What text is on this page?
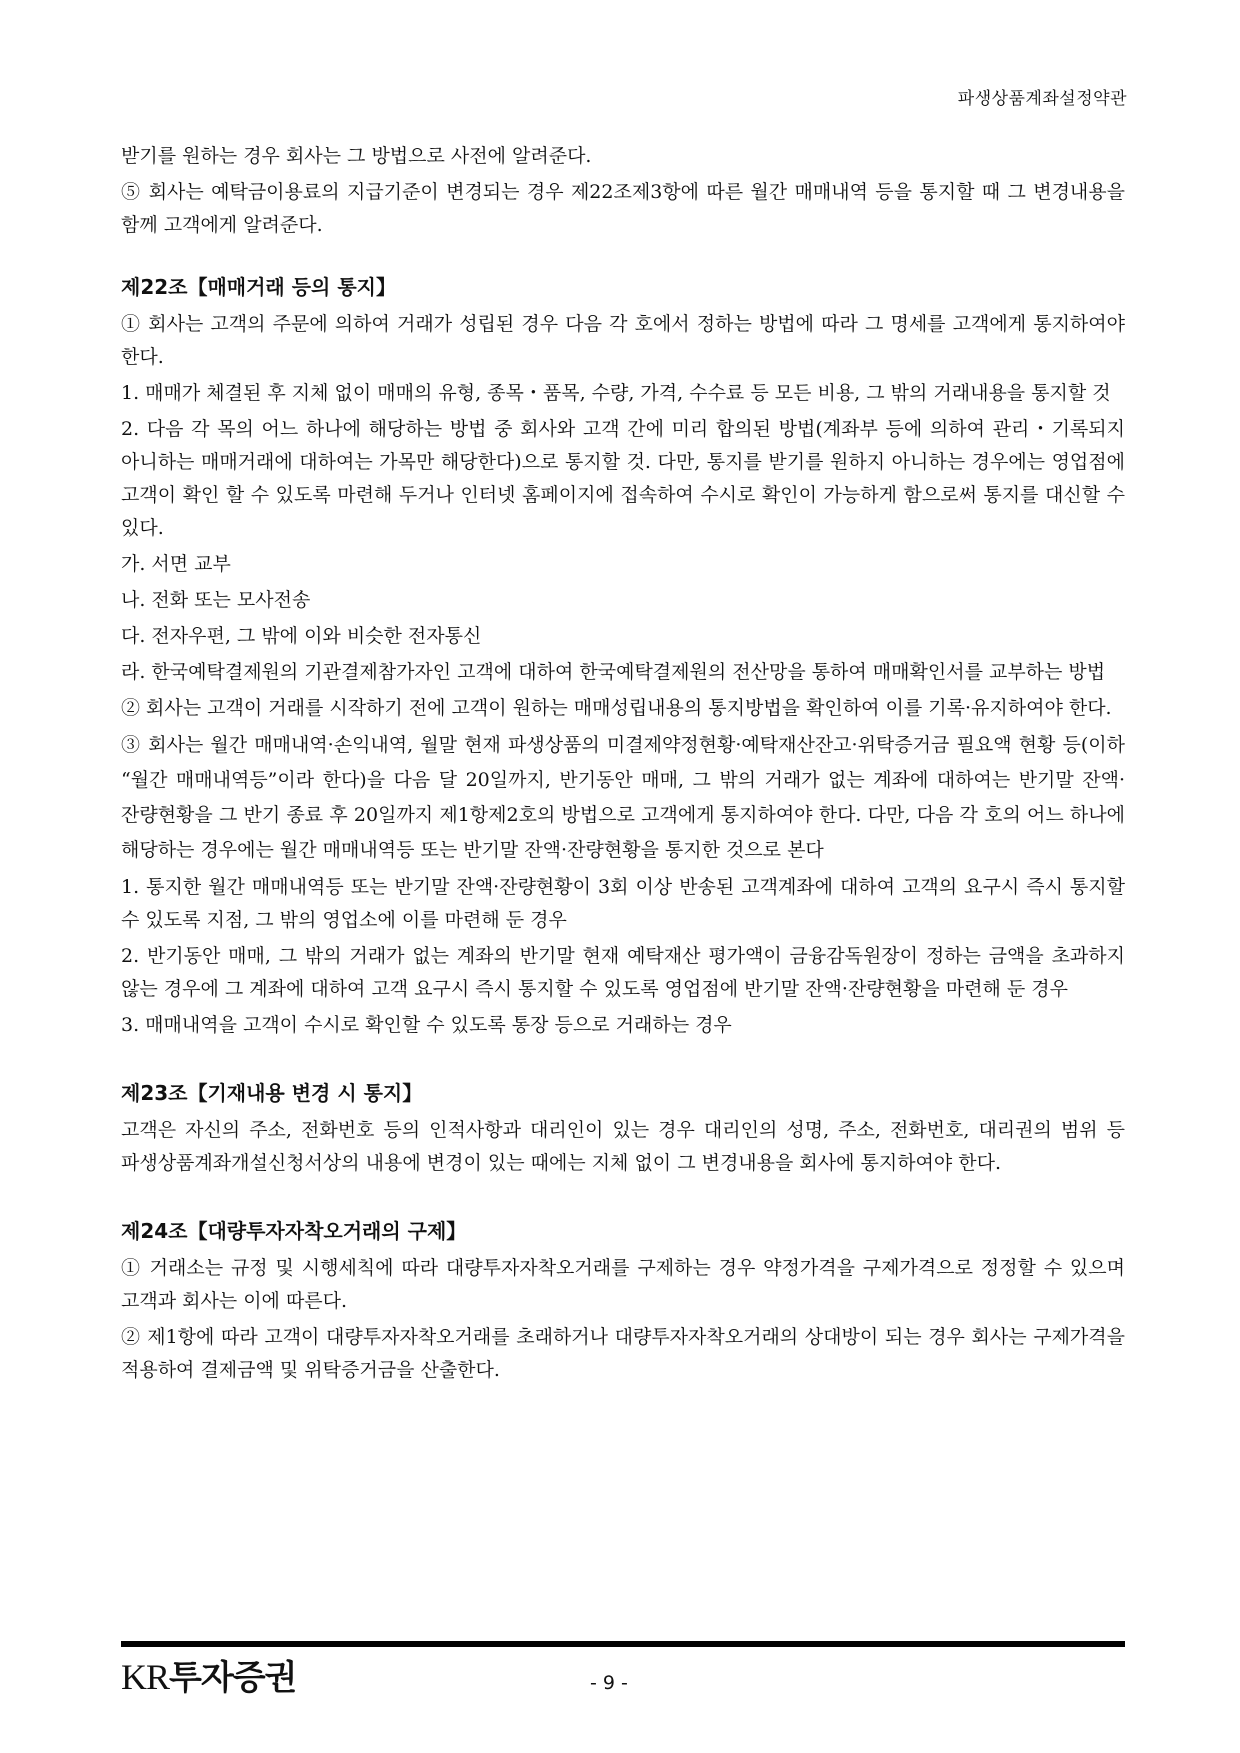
파생상품계좌설정약관

받기를 원하는 경우 회사는 그 방법으로 사전에 알려준다.

⑤ 회사는 예탁금이용료의 지급기준이 변경되는 경우 제22조제3항에 따른 월간 매매내역 등을 통지할 때 그 변경내용을 함께 고객에게 알려준다.

제22조【매매거래 등의 통지】

① 회사는 고객의 주문에 의하여 거래가 성립된 경우 다음 각 호에서 정하는 방법에 따라 그 명세를 고객에게 통지하여야 한다.

1. 매매가 체결된 후 지체 없이 매매의 유형, 종목・품목, 수량, 가격, 수수료 등 모든 비용, 그 밖의 거래내용을 통지할 것

2. 다음 각 목의 어느 하나에 해당하는 방법 중 회사와 고객 간에 미리 합의된 방법(계좌부 등에 의하여 관리・기록되지 아니하는 매매거래에 대하여는 가목만 해당한다)으로 통지할 것. 다만, 통지를 받기를 원하지 아니하는 경우에는 영업점에 고객이 확인 할 수 있도록 마련해 두거나 인터넷 홈페이지에 접속하여 수시로 확인이 가능하게 함으로써 통지를 대신할 수 있다.

가. 서면 교부

나. 전화 또는 모사전송

다. 전자우편, 그 밖에 이와 비슷한 전자통신

라. 한국예탁결제원의 기관결제참가자인 고객에 대하여 한국예탁결제원의 전산망을 통하여 매매확인서를 교부하는 방법

② 회사는 고객이 거래를 시작하기 전에 고객이 원하는 매매성립내용의 통지방법을 확인하여 이를 기록·유지하여야 한다.

③ 회사는 월간 매매내역·손익내역, 월말 현재 파생상품의 미결제약정현황·예탁재산잔고·위탁증거금 필요액 현황 등(이하 “월간 매매내역등”이라 한다)을 다음 달 20일까지, 반기동안 매매, 그 밖의 거래가 없는 계좌에 대하여는 반기말 잔액·잔량현황을 그 반기 종료 후 20일까지 제1항제2호의 방법으로 고객에게 통지하여야 한다. 다만, 다음 각 호의 어느 하나에 해당하는 경우에는 월간 매매내역등 또는 반기말 잔액·잔량현황을 통지한 것으로 본다

1. 통지한 월간 매매내역등 또는 반기말 잔액·잔량현황이 3회 이상 반송된 고객계좌에 대하여 고객의 요구시 즉시 통지할 수 있도록 지점, 그 밖의 영업소에 이를 마련해 둔 경우

2. 반기동안 매매, 그 밖의 거래가 없는 계좌의 반기말 현재 예탁재산 평가액이 금융감독원장이 정하는 금액을 초과하지 않는 경우에 그 계좌에 대하여 고객 요구시 즉시 통지할 수 있도록 영업점에 반기말 잔액·잔량현황을 마련해 둔 경우

3. 매매내역을 고객이 수시로 확인할 수 있도록 통장 등으로 거래하는 경우

제23조【기재내용 변경 시 통지】

고객은 자신의 주소, 전화번호 등의 인적사항과 대리인이 있는 경우 대리인의 성명, 주소, 전화번호, 대리권의 범위 등 파생상품계좌개설신청서상의 내용에 변경이 있는 때에는 지체 없이 그 변경내용을 회사에 통지하여야 한다.

제24조【대량투자자착오거래의 구제】

① 거래소는 규정 및 시행세칙에 따라 대량투자자착오거래를 구제하는 경우 약정가격을 구제가격으로 정정할 수 있으며 고객과 회사는 이에 따른다.

② 제1항에 따라 고객이 대량투자자착오거래를 초래하거나 대량투자자착오거래의 상대방이 되는 경우 회사는 구제가격을 적용하여 결제금액 및 위탁증거금을 산출한다.

KR투자증권	- 9 -
